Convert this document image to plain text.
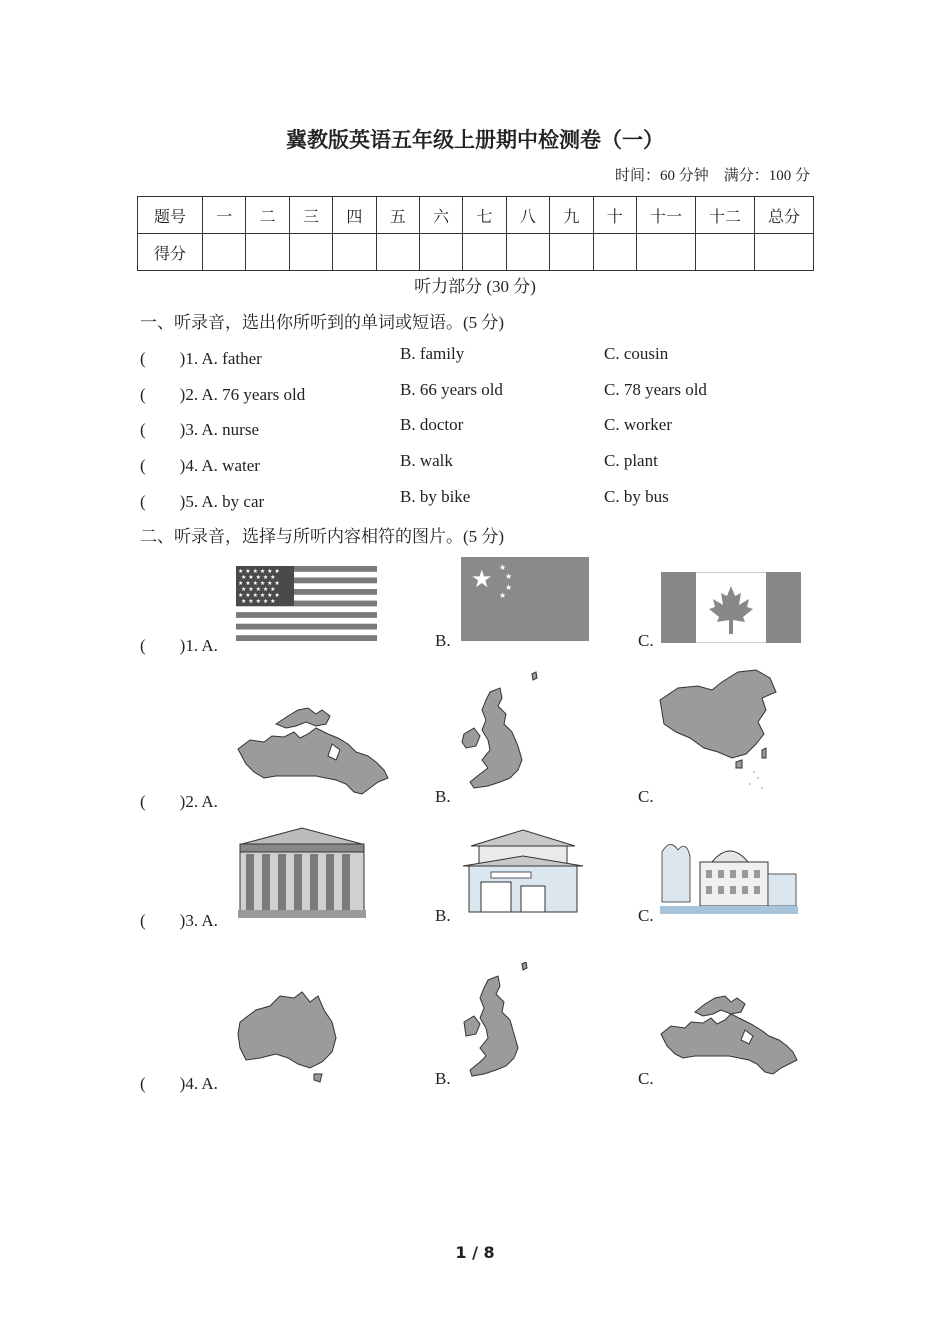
冀教版英语五年级上册期中检测卷（一）
时间：60 分钟　满分：100 分
题号	一	二	三	四	五	六	七	八	九	十	十一	十二	总分
得分													
听力部分 (30 分)
一、听录音，选出你所听到的单词或短语。(5 分)
(　　)1. A. father	B. family	C. cousin
(　　)2. A. 76 years old	B. 66 years old	C. 78 years old
(　　)3. A. nurse	B. doctor	C. worker
(　　)4. A. water	B. walk	C. plant
(　　)5. A. by car	B. by bike	C. by bus
二、听录音，选择与所听内容相符的图片。(5 分)
(　　)1. A.	B.	C.
★ ★ ★ ★ ★ ★
★ ★ ★ ★ ★
★ ★ ★ ★ ★ ★
★ ★ ★ ★ ★
★ ★ ★ ★ ★ ★
★ ★ ★ ★ ★
★ ★
★
★
★
(　　)2. A.	B.	C.
(　　)3. A.	B.	C.
(　　)4. A.	B.	C.
1 / 8
